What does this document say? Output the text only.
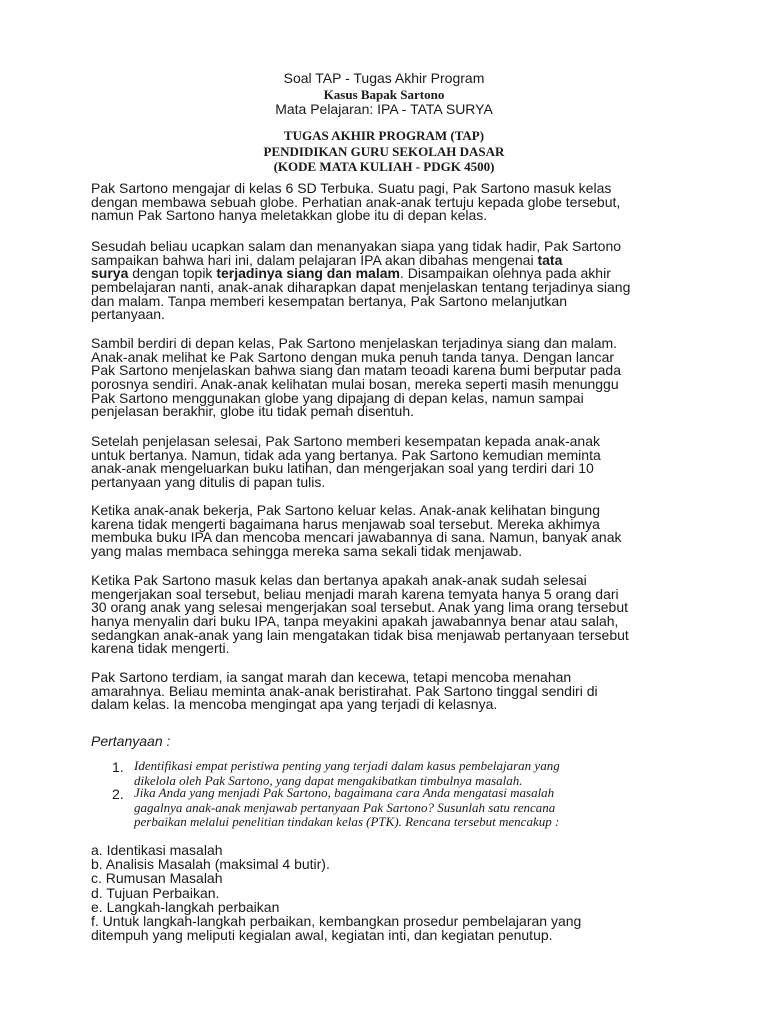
Soal TAP - Tugas Akhir Program
Kasus Bapak Sartono
Mata Pelajaran: IPA - TATA SURYA
TUGAS AKHIR PROGRAM (TAP)
PENDIDIKAN GURU SEKOLAH DASAR
(KODE MATA KULIAH - PDGK 4500)
Pak Sartono mengajar di kelas 6 SD Terbuka. Suatu pagi, Pak Sartono masuk kelas
dengan membawa sebuah globe. Perhatian anak-anak tertuju kepada globe tersebut,
namun Pak Sartono hanya meletakkan globe itu di depan kelas.
Sesudah beliau ucapkan salam dan menanyakan siapa yang tidak hadir, Pak Sartono
sampaikan bahwa hari ini, dalam pelajaran IPA akan dibahas mengenai tata
surya dengan topik terjadinya siang dan malam. Disampaikan olehnya pada akhir
pembelajaran nanti, anak-anak diharapkan dapat menjelaskan tentang terjadinya siang
dan malam. Tanpa memberi kesempatan bertanya, Pak Sartono melanjutkan
pertanyaan.
Sambil berdiri di depan kelas, Pak Sartono menjelaskan terjadinya siang dan malam.
Anak-anak melihat ke Pak Sartono dengan muka penuh tanda tanya. Dengan lancar
Pak Sartono menjelaskan bahwa siang dan matam teoadi karena bumi berputar pada
porosnya sendiri. Anak-anak kelihatan mulai bosan, mereka seperti masih menunggu
Pak Sartono menggunakan globe yang dipajang di depan kelas, namun sampai
penjelasan berakhir, globe itu tidak pemah disentuh.
Setelah penjelasan selesai, Pak Sartono memberi kesempatan kepada anak-anak
untuk bertanya. Namun, tidak ada yang bertanya. Pak Sartono kemudian meminta
anak-anak mengeluarkan buku latihan, dan mengerjakan soal yang terdiri dari 10
pertanyaan yang ditulis di papan tulis.
Ketika anak-anak bekerja, Pak Sartono keluar kelas. Anak-anak kelihatan bingung
karena tidak mengerti bagaimana harus menjawab soal tersebut. Mereka akhimya
membuka buku IPA dan mencoba mencari jawabannya di sana. Namun, banyak anak
yang malas membaca sehingga mereka sama sekali tidak menjawab.
Ketika Pak Sartono masuk kelas dan bertanya apakah anak-anak sudah selesai
mengerjakan soal tersebut, beliau menjadi marah karena temyata hanya 5 orang dari
30 orang anak yang selesai mengerjakan soal tersebut. Anak yang lima orang tersebut
hanya menyalin dari buku IPA, tanpa meyakini apakah jawabannya benar atau salah,
sedangkan anak-anak yang lain mengatakan tidak bisa menjawab pertanyaan tersebut
karena tidak mengerti.
Pak Sartono terdiam, ia sangat marah dan kecewa, tetapi mencoba menahan
amarahnya. Beliau meminta anak-anak beristirahat. Pak Sartono tinggal sendiri di
dalam kelas. Ia mencoba mengingat apa yang terjadi di kelasnya.
Pertanyaan :
1. Identifikasi empat peristiwa penting yang terjadi dalam kasus pembelajaran yang
dikelola oleh Pak Sartono, yang dapat mengakibatkan timbulnya masalah.
2. Jika Anda yang menjadi Pak Sartono, bagaimana cara Anda mengatasi masalah
gagalnya anak-anak menjawab pertanyaan Pak Sartono? Susunlah satu rencana
perbaikan melalui penelitian tindakan kelas (PTK). Rencana tersebut mencakup :
a. Identikasi masalah
b. Analisis Masalah (maksimal 4 butir).
c. Rumusan Masalah
d. Tujuan Perbaikan.
e. Langkah-langkah perbaikan
f. Untuk langkah-langkah perbaikan, kembangkan prosedur pembelajaran yang
ditempuh yang meliputi kegialan awal, kegiatan inti, dan kegiatan penutup.
